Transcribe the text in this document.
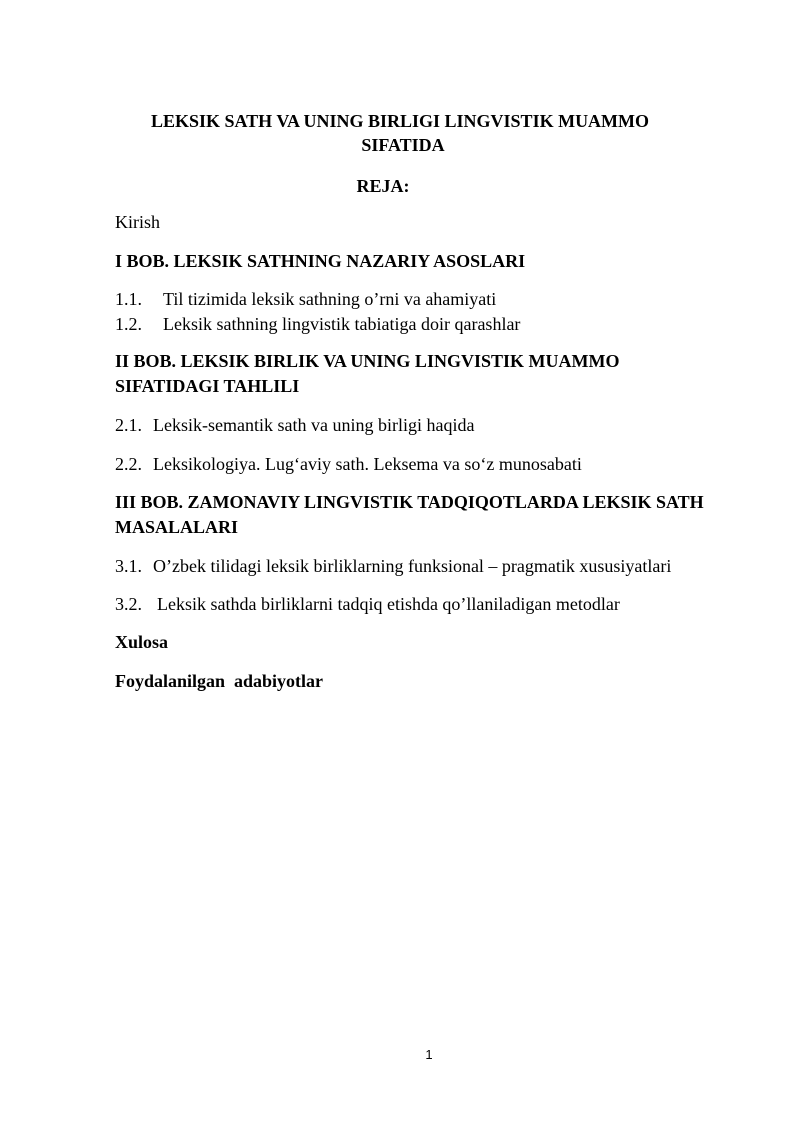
LEKSIK SATH VA UNING BIRLIGI LINGVISTIK MUAMMO
SIFATIDA
REJA:
Kirish
I BOB. LEKSIK SATHNING NAZARIY ASOSLARI
1.1. Til tizimida leksik sathning o’rni va ahamiyati
1.2. Leksik sathning lingvistik tabiatiga doir qarashlar
II BOB. LEKSIK BIRLIK VA UNING LINGVISTIK MUAMMO
SIFATIDAGI TAHLILI
2.1. Leksik-semantik sath va uning birligi haqida
2.2. Leksikologiya. Lug‘aviy sath. Leksema va so‘z munosabati
III BOB. ZAMONAVIY LINGVISTIK TADQIQOTLARDA LEKSIK SATH
MASALALARI
3.1. O’zbek tilidagi leksik birliklarning funksional – pragmatik xususiyatlari
3.2. Leksik sathda birliklarni tadqiq etishda qo’llaniladigan metodlar
Xulosa
Foydalanilgan  adabiyotlar
1
